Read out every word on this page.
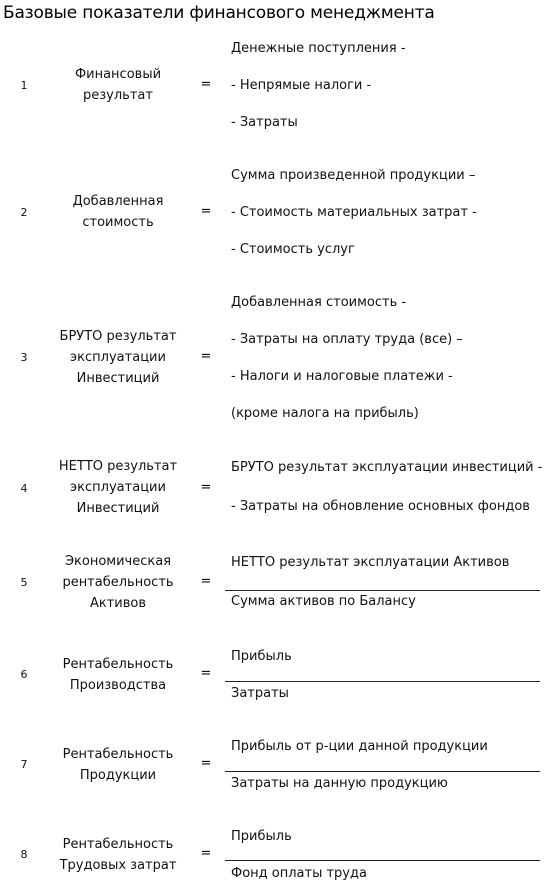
Базовые показатели финансового менеджмента
1
Финансовый
результат
=
Денежные поступления -
- Непрямые налоги -
- Затраты
2
Добавленная
стоимость
=
Сумма произведенной продукции –
- Стоимость материальных затрат -
- Стоимость услуг
3
БРУТО результат
эксплуатации
Инвестиций
=
Добавленная стоимость -
- Затраты на оплату труда (все) –
- Налоги и налоговые платежи -
(кроме налога на прибыль)
4
НЕТТО результат
эксплуатации
Инвестиций
=
БРУТО результат эксплуатации инвестиций -
- Затраты на обновление основных фондов
5
Экономическая
рентабельность
Активов
=
НЕТТО результат эксплуатации Активов
Сумма активов по Балансу
6
Рентабельность
Производства
=
Прибыль
Затраты
7
Рентабельность
Продукции
=
Прибыль от р-ции данной продукции
Затраты на данную продукцию
8
Рентабельность
Трудовых затрат
=
Прибыль
Фонд оплаты труда
